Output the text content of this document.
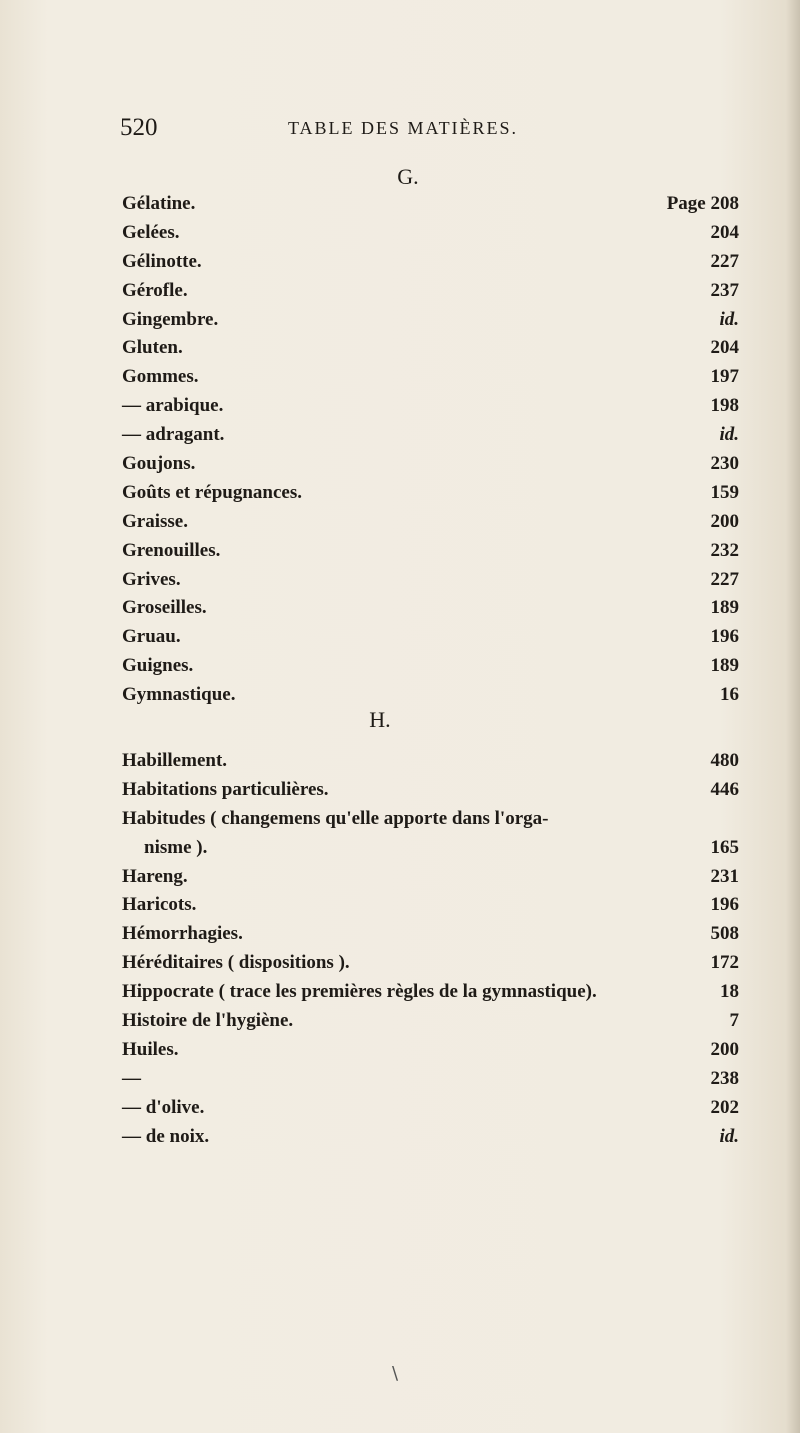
520	TABLE DES MATIÈRES.
G.
Gélatine.	Page 208
Gelées.	204
Gélinotte.	227
Gérofle.	237
Gingembre.	id.
Gluten.	204
Gommes.	197
— arabique.	198
— adragant.	id.
Goujons.	230
Goûts et répugnances.	159
Graisse.	200
Grenouilles.	232
Grives.	227
Groseilles.	189
Gruau.	196
Guignes.	189
Gymnastique.	16
H.
Habillement.	480
Habitations particulières.	446
Habitudes ( changemens qu'elle apporte dans l'orga-
nisme ).	165
Hareng.	231
Haricots.	196
Hémorrhagies.	508
Héréditaires ( dispositions ).	172
Hippocrate ( trace les premières règles de la gymnastique).	18
Histoire de l'hygiène.	7
Huiles.	200
—	238
— d'olive.	202
— de noix.	id.
\
